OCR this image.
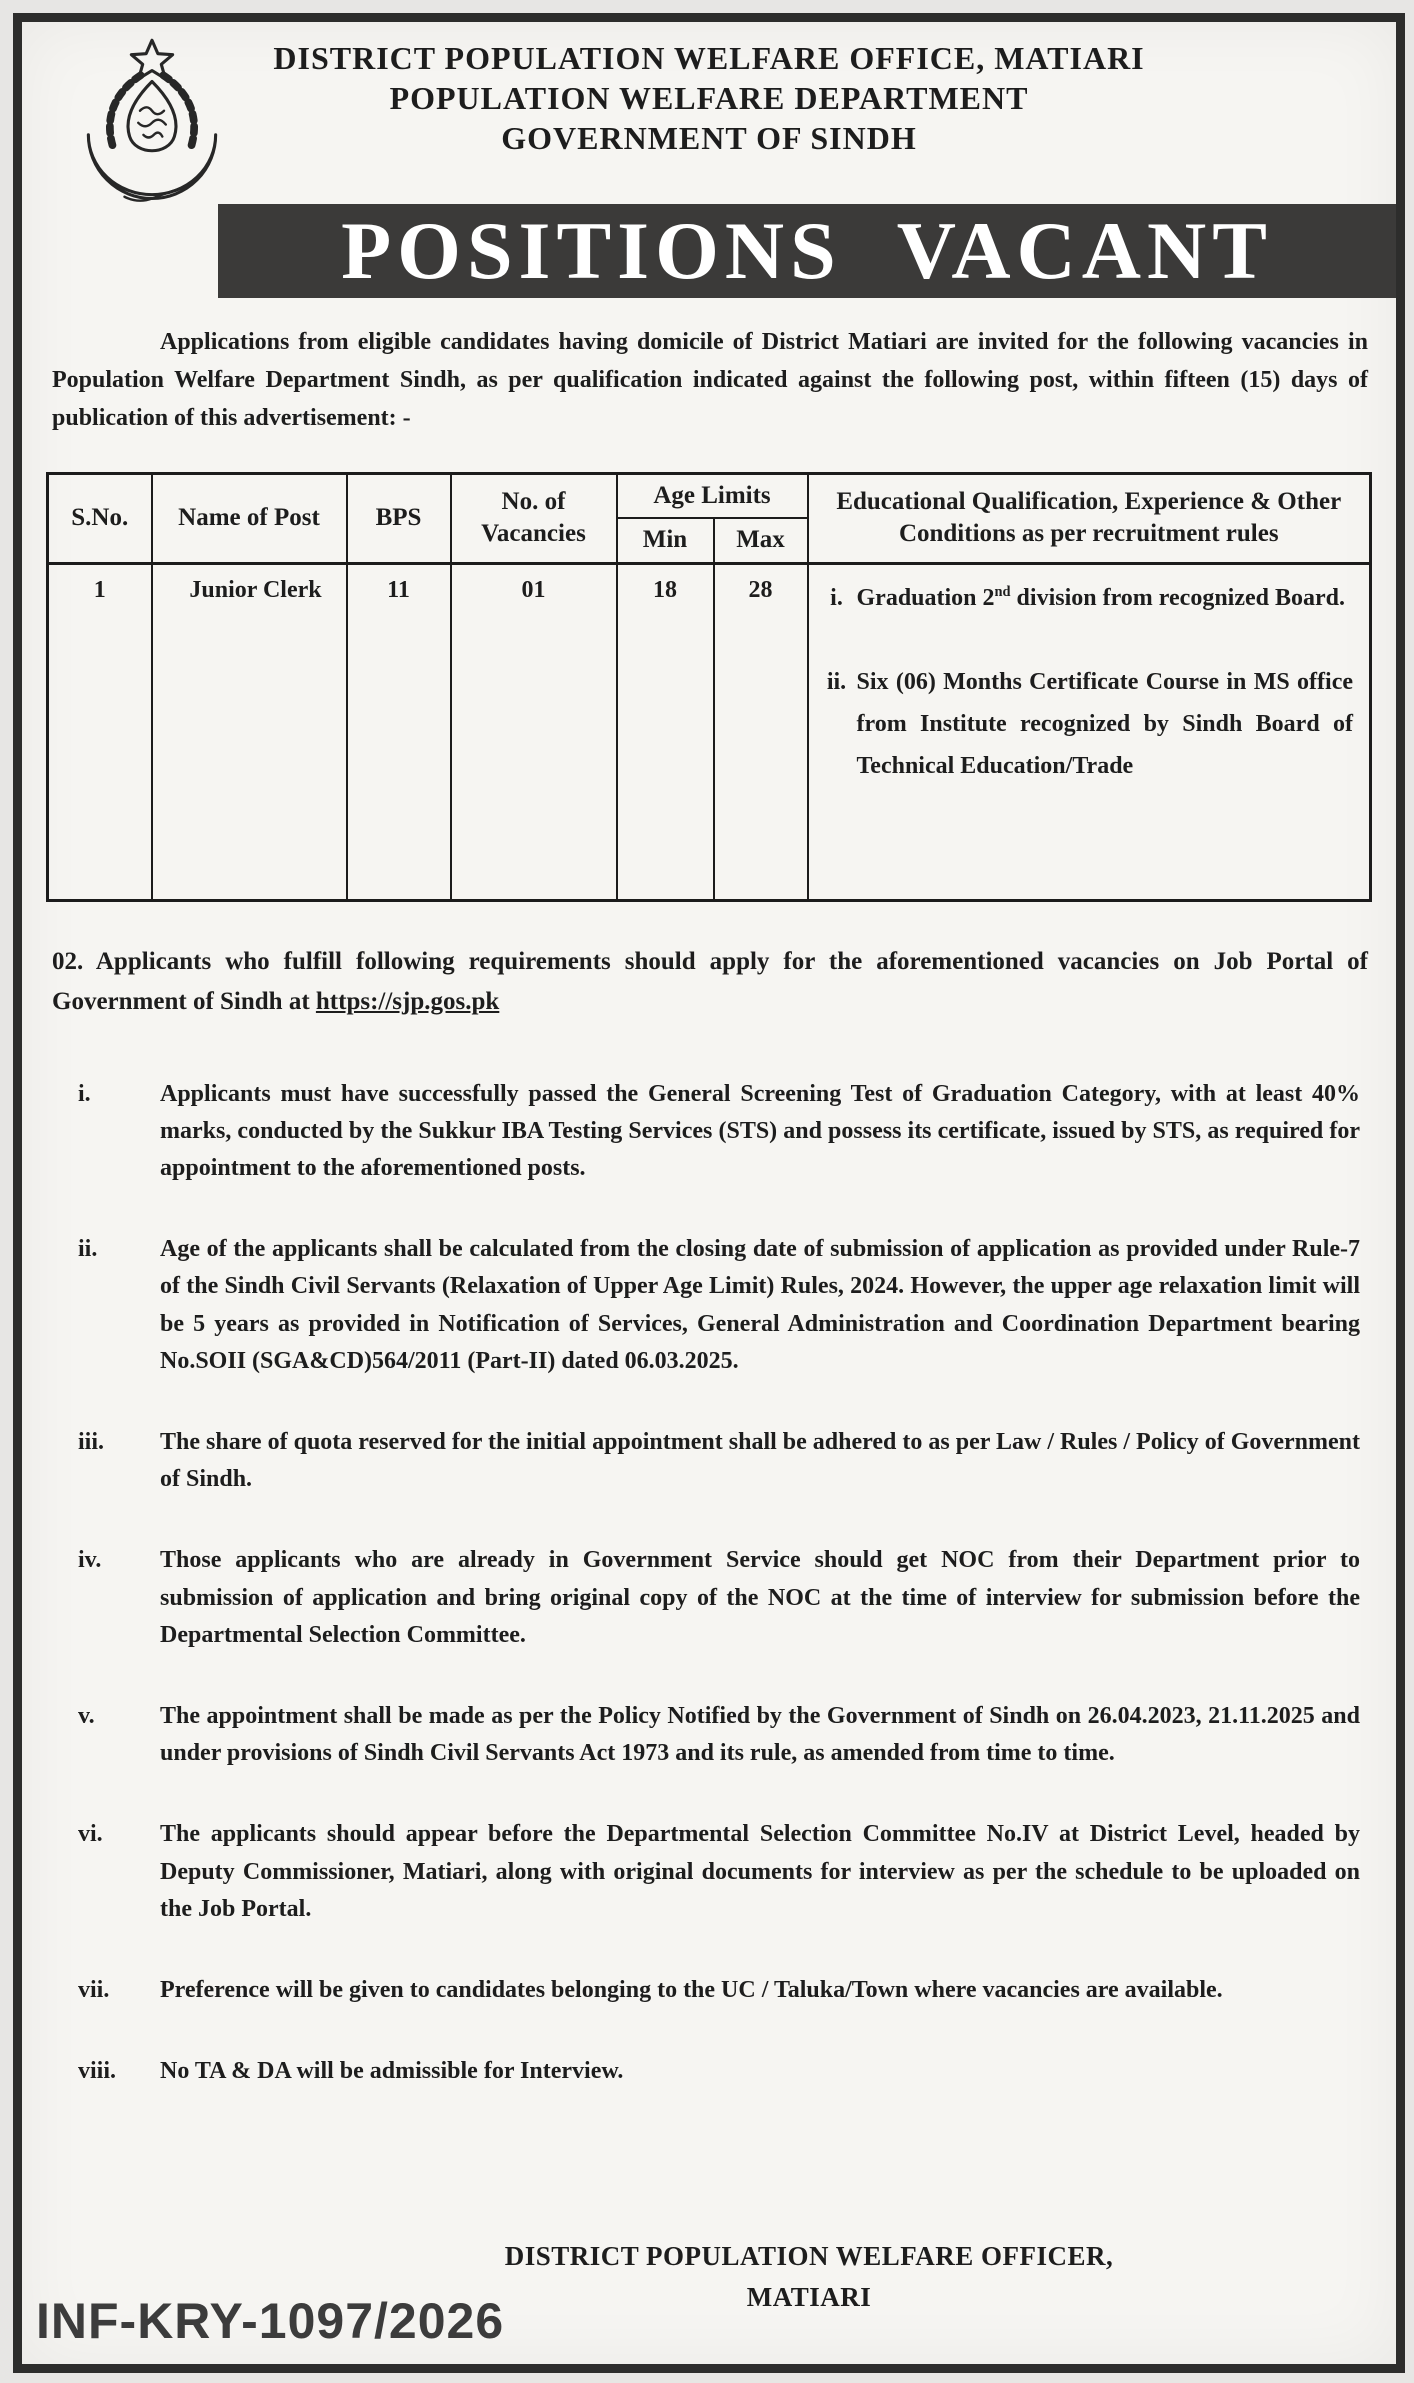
DISTRICT POPULATION WELFARE OFFICE, MATIARI
POPULATION WELFARE DEPARTMENT
GOVERNMENT OF SINDH
POSITIONS VACANT

Applications from eligible candidates having domicile of District Matiari are invited for the following vacancies in Population Welfare Department Sindh, as per qualification indicated against the following post, within fifteen (15) days of publication of this advertisement: -

S.No.	Name of Post	BPS	No. of Vacancies	Age Limits		Educational Qualification, Experience & Other Conditions as per recruitment rules
				Min	Max	
1	Junior Clerk	11	01	18	28	i. Graduation 2nd division from recognized Board.
ii. Six (06) Months Certificate Course in MS office from Institute recognized by Sindh Board of Technical Education/Trade

02. Applicants who fulfill following requirements should apply for the aforementioned vacancies on Job Portal of Government of Sindh at https://sjp.gos.pk

i.	Applicants must have successfully passed the General Screening Test of Graduation Category, with at least 40% marks, conducted by the Sukkur IBA Testing Services (STS) and possess its certificate, issued by STS, as required for appointment to the aforementioned posts.
ii.	Age of the applicants shall be calculated from the closing date of submission of application as provided under Rule-7 of the Sindh Civil Servants (Relaxation of Upper Age Limit) Rules, 2024. However, the upper age relaxation limit will be 5 years as provided in Notification of Services, General Administration and Coordination Department bearing No.SOII (SGA&CD)564/2011 (Part-II) dated 06.03.2025.
iii.	The share of quota reserved for the initial appointment shall be adhered to as per Law / Rules / Policy of Government of Sindh.
iv.	Those applicants who are already in Government Service should get NOC from their Department prior to submission of application and bring original copy of the NOC at the time of interview for submission before the Departmental Selection Committee.
v.	The appointment shall be made as per the Policy Notified by the Government of Sindh on 26.04.2023, 21.11.2025 and under provisions of Sindh Civil Servants Act 1973 and its rule, as amended from time to time.
vi.	The applicants should appear before the Departmental Selection Committee No.IV at District Level, headed by Deputy Commissioner, Matiari, along with original documents for interview as per the schedule to be uploaded on the Job Portal.
vii.	Preference will be given to candidates belonging to the UC / Taluka/Town where vacancies are available.
viii.	No TA & DA will be admissible for Interview.
DISTRICT POPULATION WELFARE OFFICER,
MATIARI
INF-KRY-1097/2026
